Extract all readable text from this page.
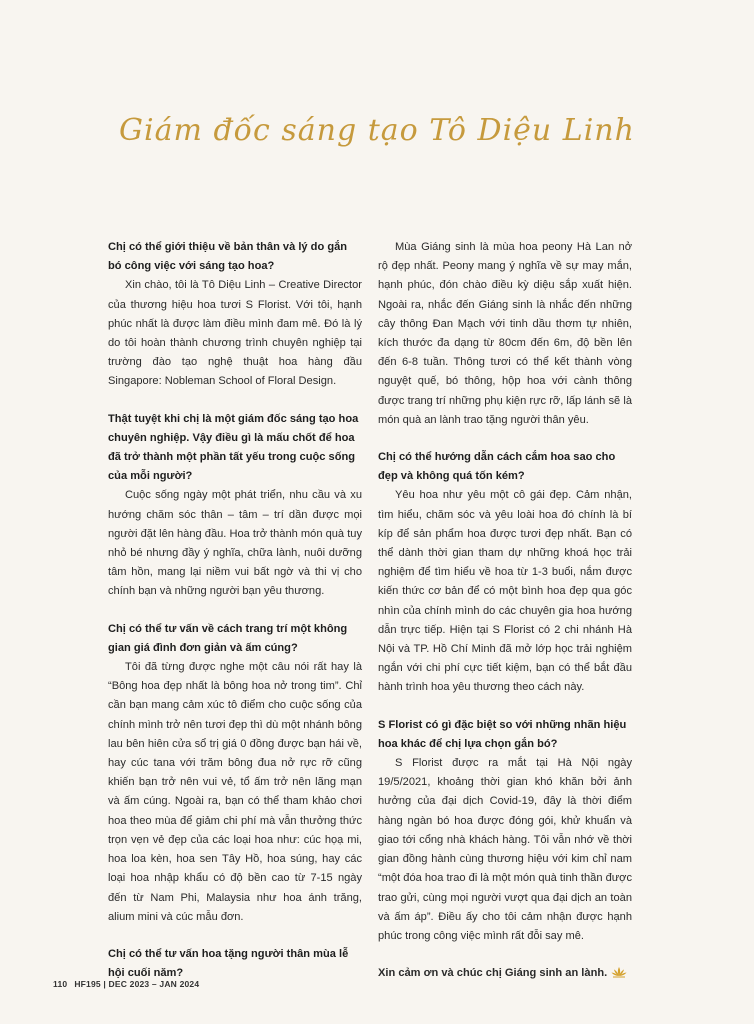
Giám đốc sáng tạo Tô Diệu Linh

Chị có thể giới thiệu về bản thân và lý do gắn bó công việc với sáng tạo hoa?

Xin chào, tôi là Tô Diệu Linh – Creative Director của thương hiệu hoa tươi S Florist. Với tôi, hạnh phúc nhất là được làm điều mình đam mê. Đó là lý do tôi hoàn thành chương trình chuyên nghiệp tại trường đào tạo nghệ thuật hoa hàng đầu Singapore: Nobleman School of Floral Design.

Thật tuyệt khi chị là một giám đốc sáng tạo hoa chuyên nghiệp. Vậy điều gì là mấu chốt để hoa đã trở thành một phần tất yếu trong cuộc sống của mỗi người?

Cuộc sống ngày một phát triển, nhu cầu và xu hướng chăm sóc thân – tâm – trí dần được mọi người đặt lên hàng đầu. Hoa trở thành món quà tuy nhỏ bé nhưng đầy ý nghĩa, chữa lành, nuôi dưỡng tâm hồn, mang lại niềm vui bất ngờ và thi vị cho chính bạn và những người bạn yêu thương.

Chị có thể tư vấn về cách trang trí một không gian giá đình đơn giản và ấm cúng?

Tôi đã từng được nghe một câu nói rất hay là “Bông hoa đẹp nhất là bông hoa nở trong tim”. Chỉ cần bạn mang cảm xúc tô điểm cho cuộc sống của chính mình trở nên tươi đẹp thì dù một nhánh bông lau bên hiên cửa sổ trị giá 0 đồng được bạn hái về, hay cúc tana với trăm bông đua nở rực rỡ cũng khiến bạn trở nên vui vẻ, tổ ấm trở nên lãng mạn và ấm cúng. Ngoài ra, bạn có thể tham khảo chơi hoa theo mùa để giảm chi phí mà vẫn thưởng thức trọn vẹn vẻ đẹp của các loại hoa như: cúc họạ mi, hoa loa kèn, hoa sen Tây Hồ, hoa súng, hay các loại hoa nhập khẩu có độ bền cao từ 7-15 ngày đến từ Nam Phi, Malaysia như hoa ánh trăng, alium mini và cúc mẫu đơn.

Chị có thể tư vấn hoa tặng người thân mùa lễ hội cuối năm?

Mùa Giáng sinh là mùa hoa peony Hà Lan nở rộ đẹp nhất. Peony mang ý nghĩa về sự may mắn, hạnh phúc, đón chào điều kỳ diệu sắp xuất hiện. Ngoài ra, nhắc đến Giáng sinh là nhắc đến những cây thông Đan Mạch với tinh dầu thơm tự nhiên, kích thước đa dạng từ 80cm đến 6m, độ bền lên đến 6-8 tuần. Thông tươi có thể kết thành vòng nguyệt quế, bó thông, hộp hoa với cành thông được trang trí những phụ kiện rực rỡ, lấp lánh sẽ là món quà an lành trao tặng người thân yêu.

Chị có thể hướng dẫn cách cắm hoa sao cho đẹp và không quá tốn kém?

Yêu hoa như yêu một cô gái đẹp. Cảm nhận, tìm hiểu, chăm sóc và yêu loài hoa đó chính là bí kíp để sản phẩm hoa được tươi đẹp nhất. Bạn có thể dành thời gian tham dự những khoá học trải nghiệm để tìm hiểu về hoa từ 1-3 buổi, nắm được kiến thức cơ bản để có một bình hoa đẹp qua góc nhìn của chính mình do các chuyên gia hoa hướng dẫn trực tiếp. Hiện tại S Florist có 2 chi nhánh Hà Nội và TP. Hồ Chí Minh đã mở lớp học trải nghiệm ngắn với chi phí cực tiết kiệm, bạn có thể bắt đầu hành trình hoa yêu thương theo cách này.

S Florist có gì đặc biệt so với những nhãn hiệu hoa khác để chị lựa chọn gắn bó?

S Florist được ra mắt tại Hà Nội ngày 19/5/2021, khoảng thời gian khó khăn bởi ảnh hưởng của đại dịch Covid-19, đây là thời điểm hàng ngàn bó hoa được đóng gói, khử khuẩn và giao tới cổng nhà khách hàng. Tôi vẫn nhớ về thời gian đồng hành cùng thương hiệu với kim chỉ nam “một đóa hoa trao đi là một món quà tinh thần được trao gửi, cùng mọi người vượt qua đại dịch an toàn và ấm áp”. Điều ấy cho tôi cảm nhận được hạnh phúc trong công việc mình rất đỗi say mê.

Xin cảm ơn và chúc chị Giáng sinh an lành.

110 HF195 | DEC 2023 – JAN 2024
